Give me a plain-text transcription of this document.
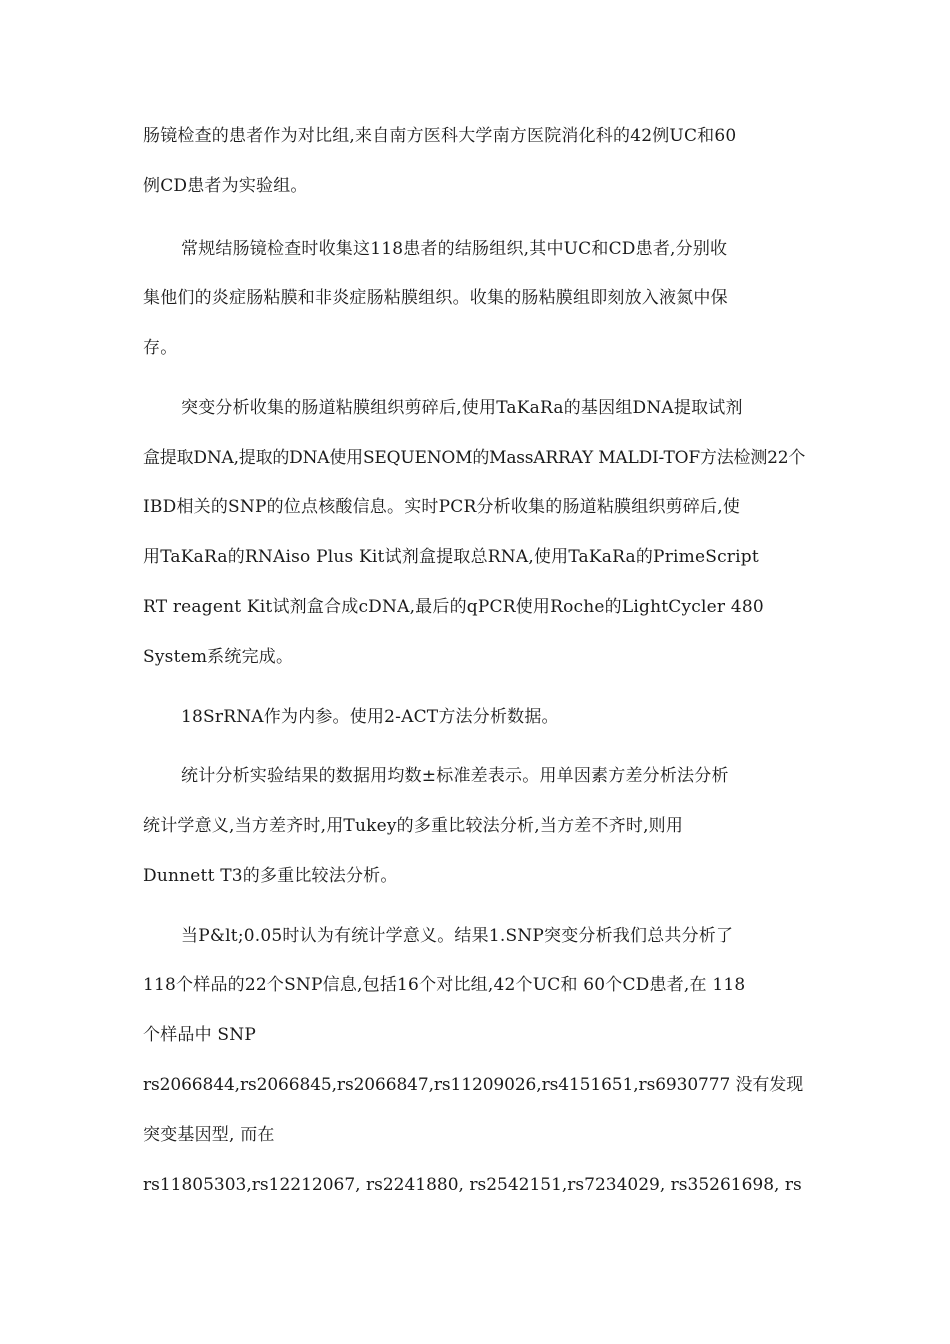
肠镜检查的患者作为对比组,来自南方医科大学南方医院消化科的42例UC和60
例CD患者为实验组。
常规结肠镜检查时收集这118患者的结肠组织,其中UC和CD患者,分别收
集他们的炎症肠粘膜和非炎症肠粘膜组织。收集的肠粘膜组即刻放入液氮中保
存。
突变分析收集的肠道粘膜组织剪碎后,使用TaKaRa的基因组DNA提取试剂
盒提取DNA,提取的DNA使用SEQUENOM的MassARRAY MALDI-TOF方法检测22个
IBD相关的SNP的位点核酸信息。实时PCR分析收集的肠道粘膜组织剪碎后,使
用TaKaRa的RNAiso Plus Kit试剂盒提取总RNA,使用TaKaRa的PrimeScript
RT reagent Kit试剂盒合成cDNA,最后的qPCR使用Roche的LightCycler 480
System系统完成。
18SrRNA作为内参。使用2-ACT方法分析数据。
统计分析实验结果的数据用均数±标准差表示。用单因素方差分析法分析
统计学意义,当方差齐时,用Tukey的多重比较法分析,当方差不齐时,则用
Dunnett T3的多重比较法分析。
当P&lt;0.05时认为有统计学意义。结果1.SNP突变分析我们总共分析了
118个样品的22个SNP信息,包括16个对比组,42个UC和 60个CD患者,在 118
个样品中 SNP
rs2066844,rs2066845,rs2066847,rs11209026,rs4151651,rs6930777 没有发现
突变基因型, 而在
rs11805303,rs12212067, rs2241880, rs2542151,rs7234029, rs35261698, rs
